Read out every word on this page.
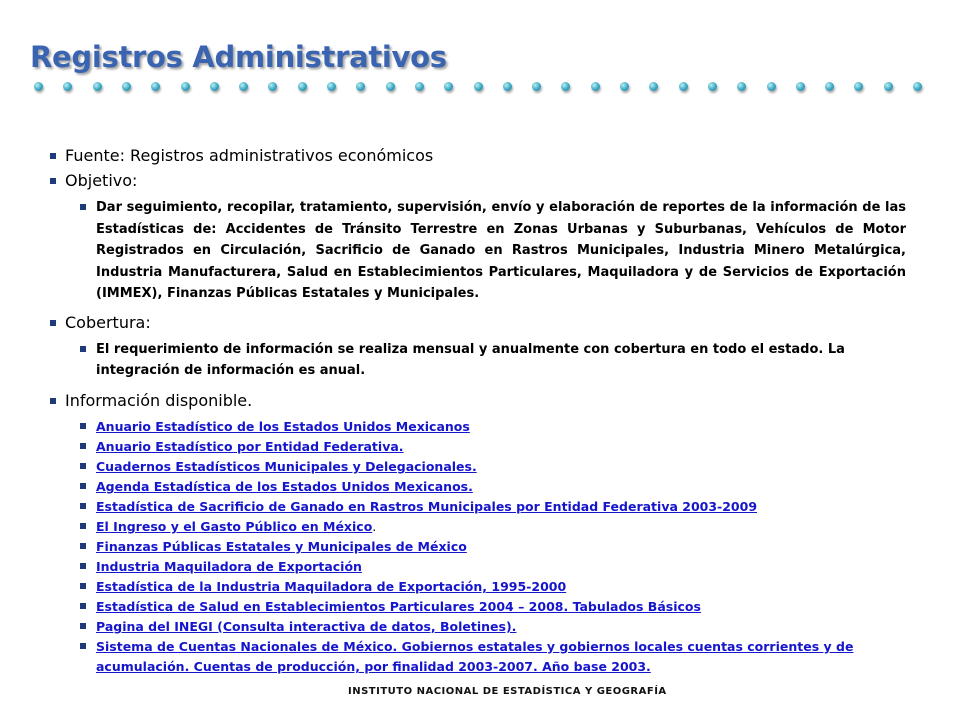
Registros Administrativos

Fuente: Registros administrativos económicos

Objetivo:

Dar seguimiento, recopilar, tratamiento, supervisión, envío y elaboración de reportes de la información de las Estadísticas de: Accidentes de Tránsito Terrestre en Zonas Urbanas y Suburbanas, Vehículos de Motor Registrados en Circulación, Sacrificio de Ganado en Rastros Municipales, Industria Minero Metalúrgica, Industria Manufacturera, Salud en Establecimientos Particulares, Maquiladora y de Servicios de Exportación (IMMEX), Finanzas Públicas Estatales y Municipales.

Cobertura:

El requerimiento de información se realiza mensual y anualmente con cobertura en todo el estado. La integración de información es anual.

Información disponible.

Anuario Estadístico de los Estados Unidos Mexicanos

Anuario Estadístico por Entidad Federativa.

Cuadernos Estadísticos Municipales y Delegacionales.

Agenda Estadística de los Estados Unidos Mexicanos.

Estadística de Sacrificio de Ganado en Rastros Municipales por Entidad Federativa 2003-2009

El Ingreso y el Gasto Público en México.

Finanzas Públicas Estatales y Municipales de México

Industria Maquiladora de Exportación

Estadística de la Industria Maquiladora de Exportación, 1995-2000

Estadística de Salud en Establecimientos Particulares 2004 – 2008. Tabulados Básicos

Pagina del INEGI (Consulta interactiva de datos, Boletines).

Sistema de Cuentas Nacionales de México. Gobiernos estatales y gobiernos locales cuentas corrientes y de acumulación. Cuentas de producción, por finalidad 2003-2007. Año base 2003.

INSTITUTO NACIONAL DE ESTADÍSTICA Y GEOGRAFÍA
